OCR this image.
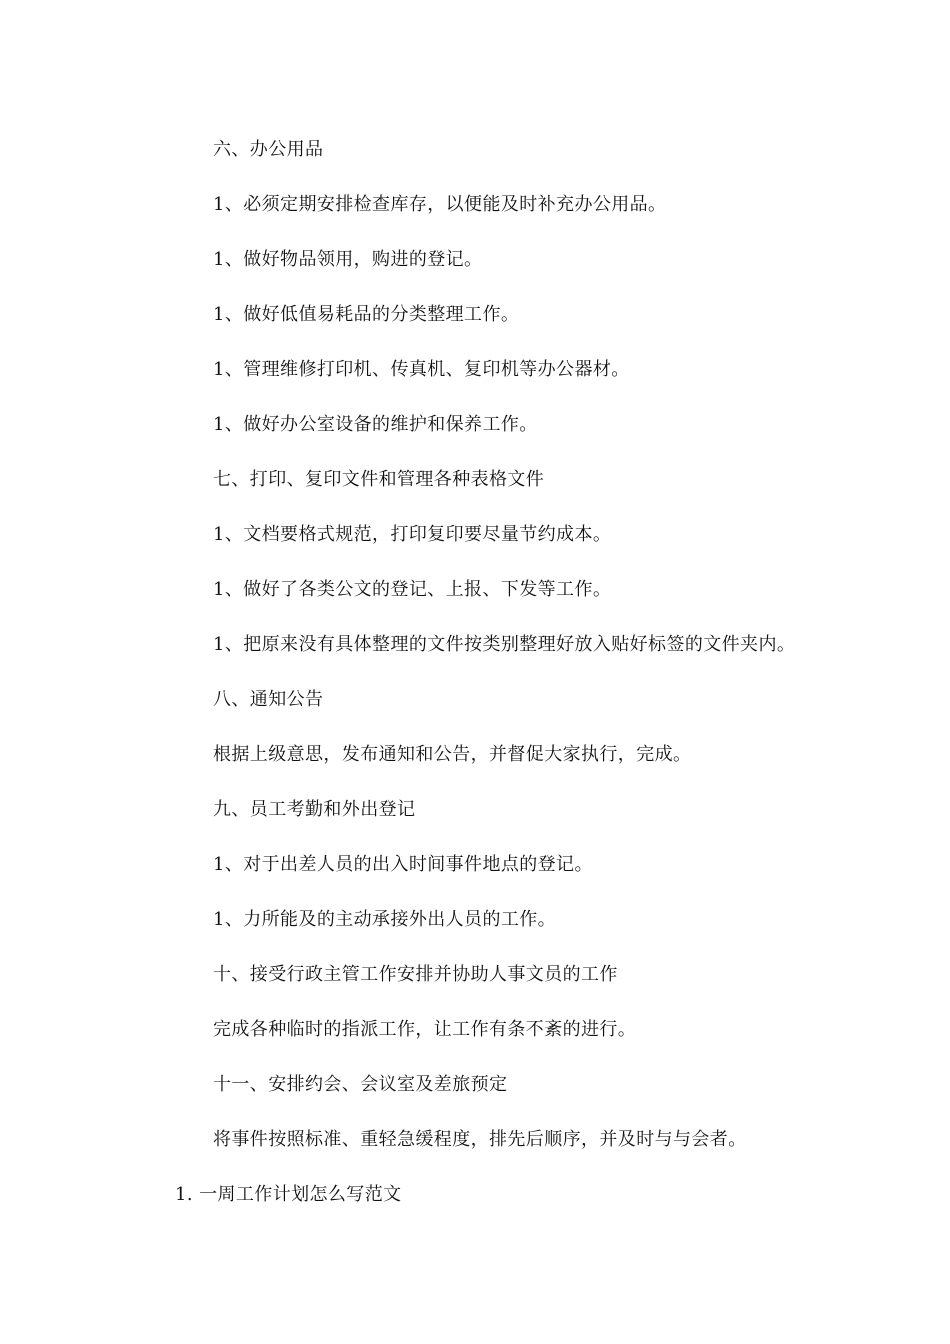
六、办公用品
1、必须定期安排检查库存，以便能及时补充办公用品。
1、做好物品领用，购进的登记。
1、做好低值易耗品的分类整理工作。
1、管理维修打印机、传真机、复印机等办公器材。
1、做好办公室设备的维护和保养工作。
七、打印、复印文件和管理各种表格文件
1、文档要格式规范，打印复印要尽量节约成本。
1、做好了各类公文的登记、上报、下发等工作。
1、把原来没有具体整理的文件按类别整理好放入贴好标签的文件夹内。
八、通知公告
根据上级意思，发布通知和公告，并督促大家执行，完成。
九、员工考勤和外出登记
1、对于出差人员的出入时间事件地点的登记。
1、力所能及的主动承接外出人员的工作。
十、接受行政主管工作安排并协助人事文员的工作
完成各种临时的指派工作，让工作有条不紊的进行。
十一、安排约会、会议室及差旅预定
将事件按照标准、重轻急缓程度，排先后顺序，并及时与与会者。
1. 一周工作计划怎么写范文
